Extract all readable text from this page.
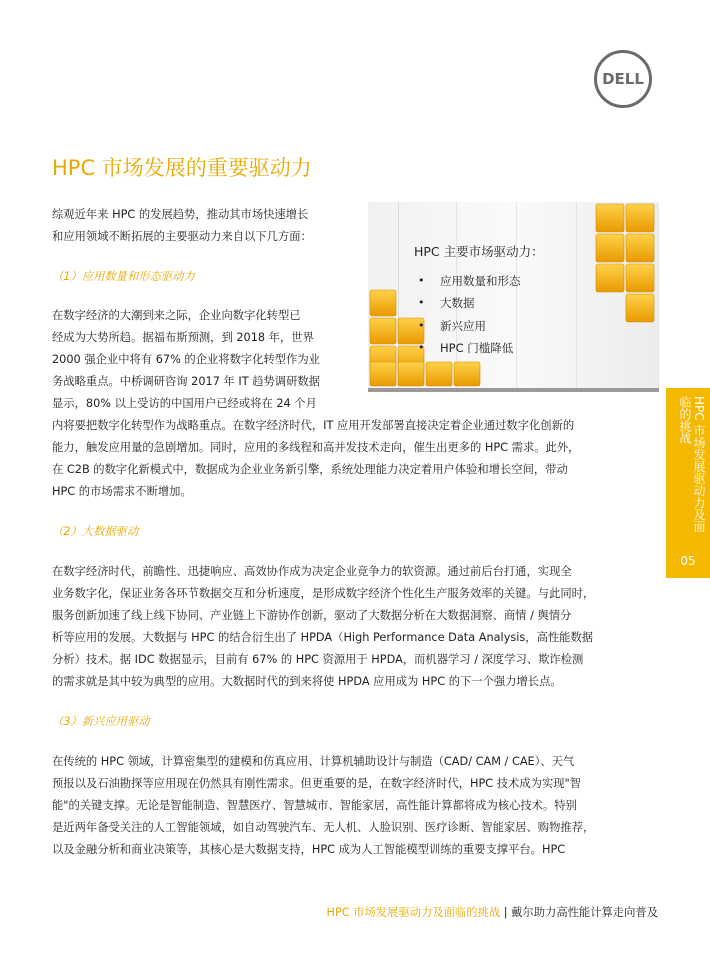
DELL
HPC 市场发展的重要驱动力

综观近年来 HPC 的发展趋势，推动其市场快速增长

和应用领域不断拓展的主要驱动力来自以下几方面：

（1）应用数量和形态驱动力

在数字经济的大潮到来之际，企业向数字化转型已

经成为大势所趋。据福布斯预测，到 2018 年，世界

2000 强企业中将有 67% 的企业将数字化转型作为业

务战略重点。中桥调研咨询 2017 年 IT 趋势调研数据

显示，80% 以上受访的中国用户已经或将在 24 个月

内将要把数字化转型作为战略重点。在数字经济时代，IT 应用开发部署直接决定着企业通过数字化创新的

能力，触发应用量的急剧增加。同时，应用的多线程和高并发技术走向，催生出更多的 HPC 需求。此外，

在 C2B 的数字化新模式中，数据成为企业业务新引擎，系统处理能力决定着用户体验和增长空间，带动

HPC 的市场需求不断增加。

（2）大数据驱动

在数字经济时代，前瞻性、迅捷响应、高效协作成为决定企业竞争力的软资源。通过前后台打通，实现全

业务数字化，保证业务各环节数据交互和分析速度，是形成数字经济个性化生产服务效率的关键。与此同时，

服务创新加速了线上线下协同、产业链上下游协作创新，驱动了大数据分析在大数据洞察、商情 / 舆情分

析等应用的发展。大数据与 HPC 的结合衍生出了 HPDA（High Performance Data Analysis，高性能数据

分析）技术。据 IDC 数据显示，目前有 67% 的 HPC 资源用于 HPDA，而机器学习 / 深度学习、欺诈检测

的需求就是其中较为典型的应用。大数据时代的到来将使 HPDA 应用成为 HPC 的下一个强力增长点。

（3）新兴应用驱动

在传统的 HPC 领域，计算密集型的建模和仿真应用、计算机辅助设计与制造（CAD/ CAM / CAE）、天气

预报以及石油勘探等应用现在仍然具有刚性需求。但更重要的是，在数字经济时代，HPC 技术成为实现"智

能"的关键支撑。无论是智能制造、智慧医疗、智慧城市、智能家居，高性能计算都将成为核心技术。特别

是近两年备受关注的人工智能领域，如自动驾驶汽车、无人机、人脸识别、医疗诊断、智能家居、购物推荐，

以及金融分析和商业决策等，其核心是大数据支持，HPC 成为人工智能模型训练的重要支撑平台。HPC

HPC 主要市场驱动力：

• 应用数量和形态
• 大数据
• 新兴应用
• HPC 门槛降低
HPC 市场发展驱动力及面临的挑战
05

HPC 市场发展驱动力及面临的挑战 | 戴尔助力高性能计算走向普及
